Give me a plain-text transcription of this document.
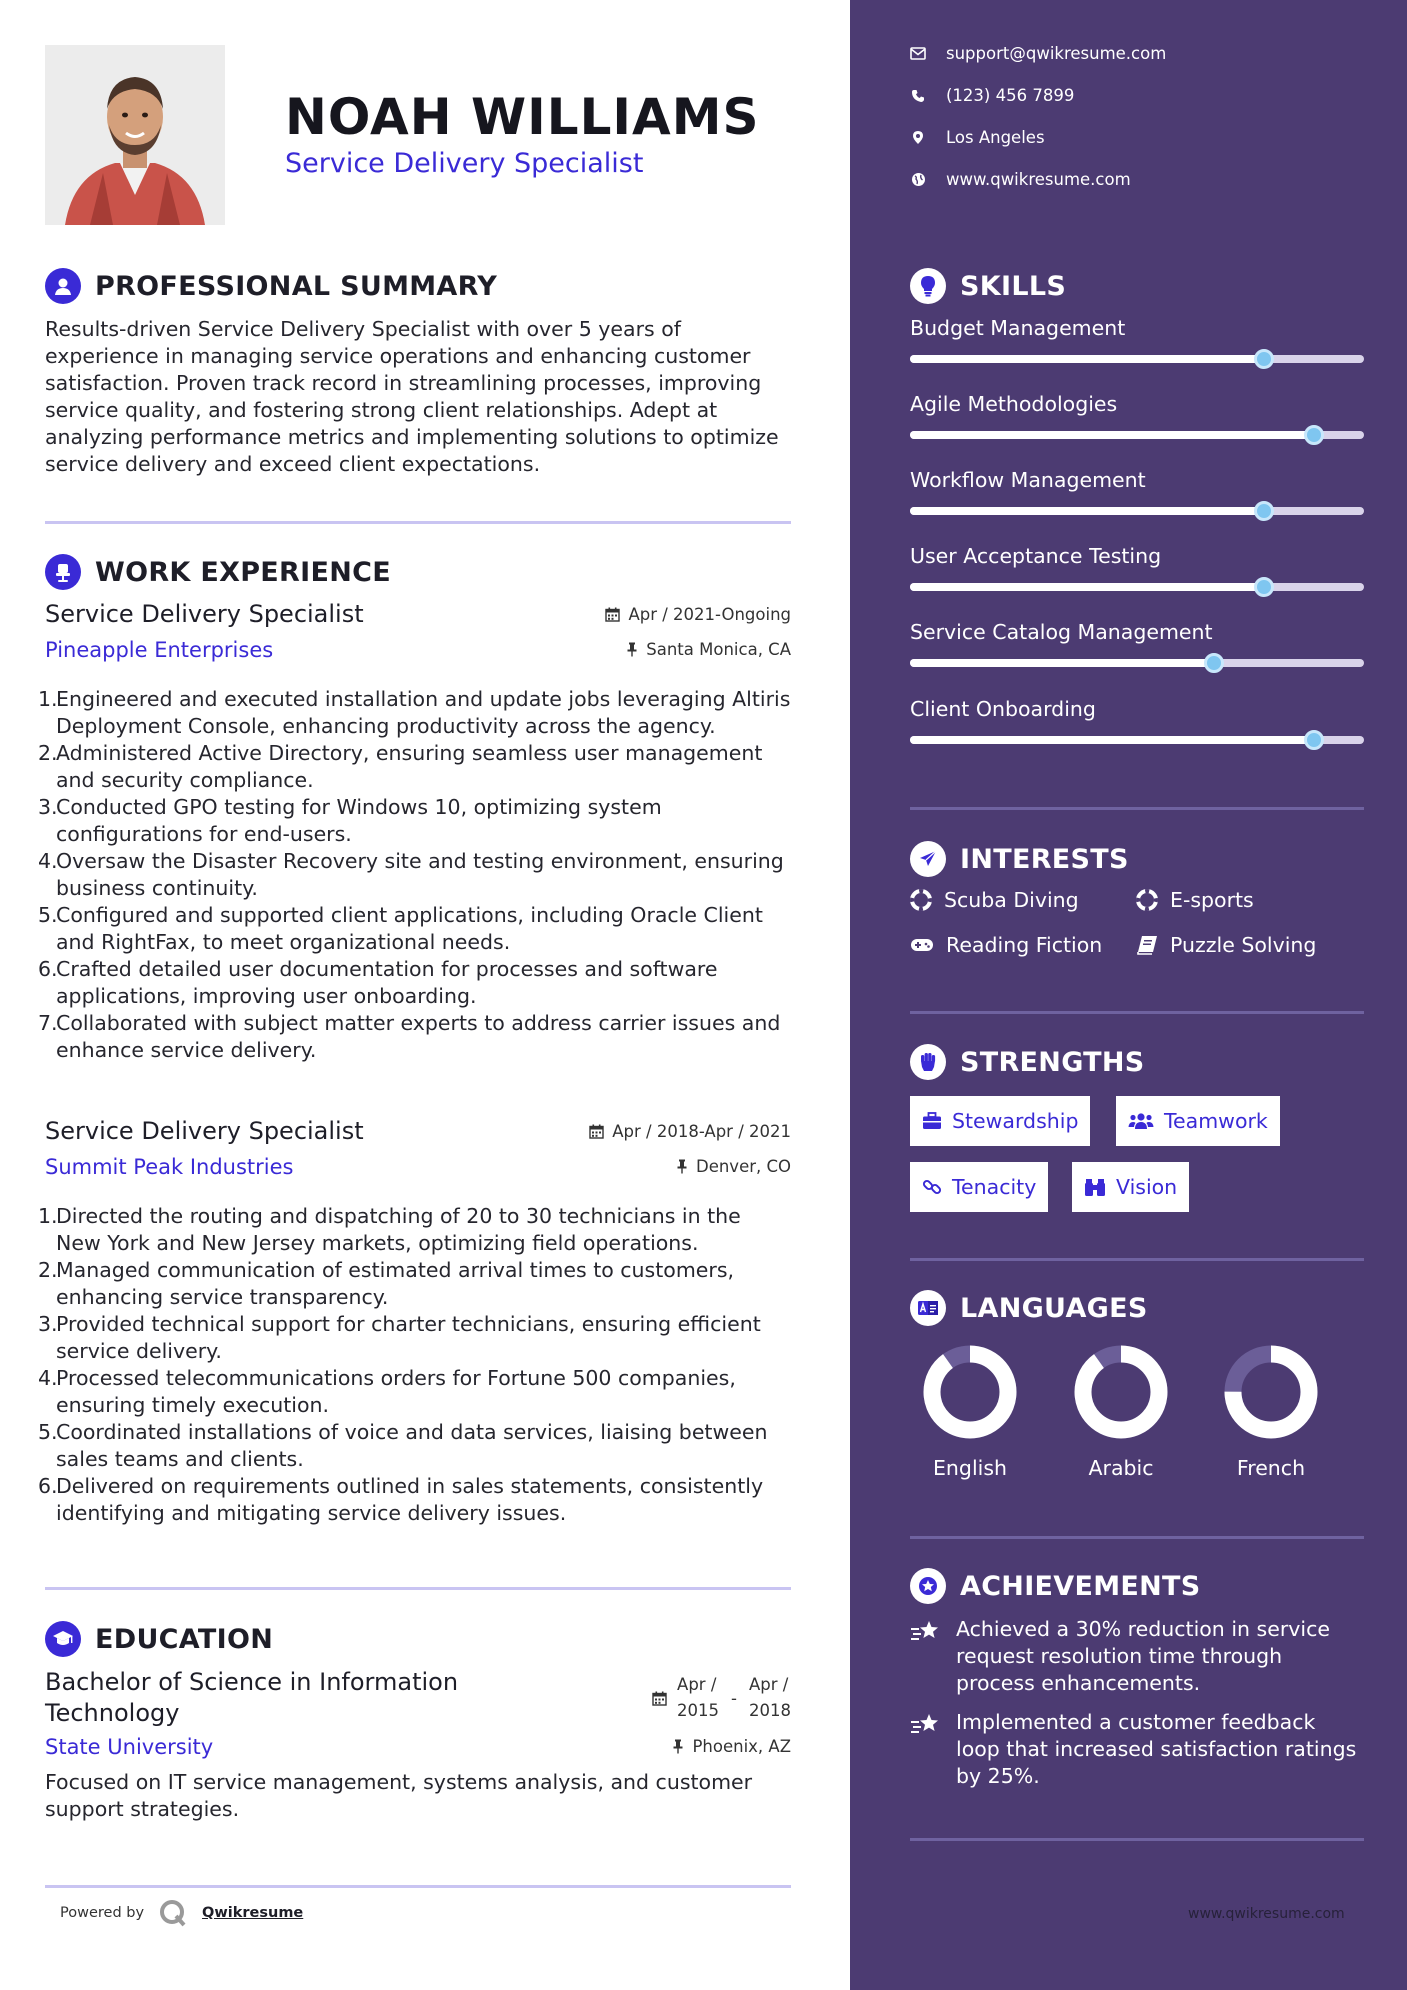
NOAH WILLIAMS
Service Delivery Specialist
PROFESSIONAL SUMMARY
Results-driven Service Delivery Specialist with over 5 years of experience in managing service operations and enhancing customer satisfaction. Proven track record in streamlining processes, improving service quality, and fostering strong client relationships. Adept at analyzing performance metrics and implementing solutions to optimize service delivery and exceed client expectations.
WORK EXPERIENCE
Service Delivery Specialist	Apr / 2021-Ongoing
Pineapple Enterprises	Santa Monica, CA
1.
Engineered and executed installation and update jobs leveraging Altiris Deployment Console, enhancing productivity across the agency.
2.
Administered Active Directory, ensuring seamless user management and security compliance.
3.
Conducted GPO testing for Windows 10, optimizing system configurations for end-users.
4.
Oversaw the Disaster Recovery site and testing environment, ensuring business continuity.
5.
Configured and supported client applications, including Oracle Client and RightFax, to meet organizational needs.
6.
Crafted detailed user documentation for processes and software applications, improving user onboarding.
7.
Collaborated with subject matter experts to address carrier issues and enhance service delivery.
Service Delivery Specialist	Apr / 2018-Apr / 2021
Summit Peak Industries	Denver, CO
1.
Directed the routing and dispatching of 20 to 30 technicians in the New York and New Jersey markets, optimizing field operations.
2.
Managed communication of estimated arrival times to customers, enhancing service transparency.
3.
Provided technical support for charter technicians, ensuring efficient service delivery.
4.
Processed telecommunications orders for Fortune 500 companies, ensuring timely execution.
5.
Coordinated installations of voice and data services, liaising between sales teams and clients.
6.
Delivered on requirements outlined in sales statements, consistently identifying and mitigating service delivery issues.
EDUCATION
Bachelor of Science in Information Technology
Apr /
2015
-
Apr /
2018
State University	Phoenix, AZ
Focused on IT service management, systems analysis, and customer support strategies.
Powered by	Qwikresume	www.qwikresume.com
support@qwikresume.com
(123) 456 7899
Los Angeles
www.qwikresume.com
SKILLS
Budget Management
Agile Methodologies
Workflow Management
User Acceptance Testing
Service Catalog Management
Client Onboarding
INTERESTS
Scuba Diving	E-sports
Reading Fiction	Puzzle Solving
STRENGTHS
Stewardship	Teamwork
Tenacity	Vision
LANGUAGES
English	Arabic	French
ACHIEVEMENTS
Achieved a 30% reduction in service request resolution time through process enhancements.
Implemented a customer feedback loop that increased satisfaction ratings by 25%.
